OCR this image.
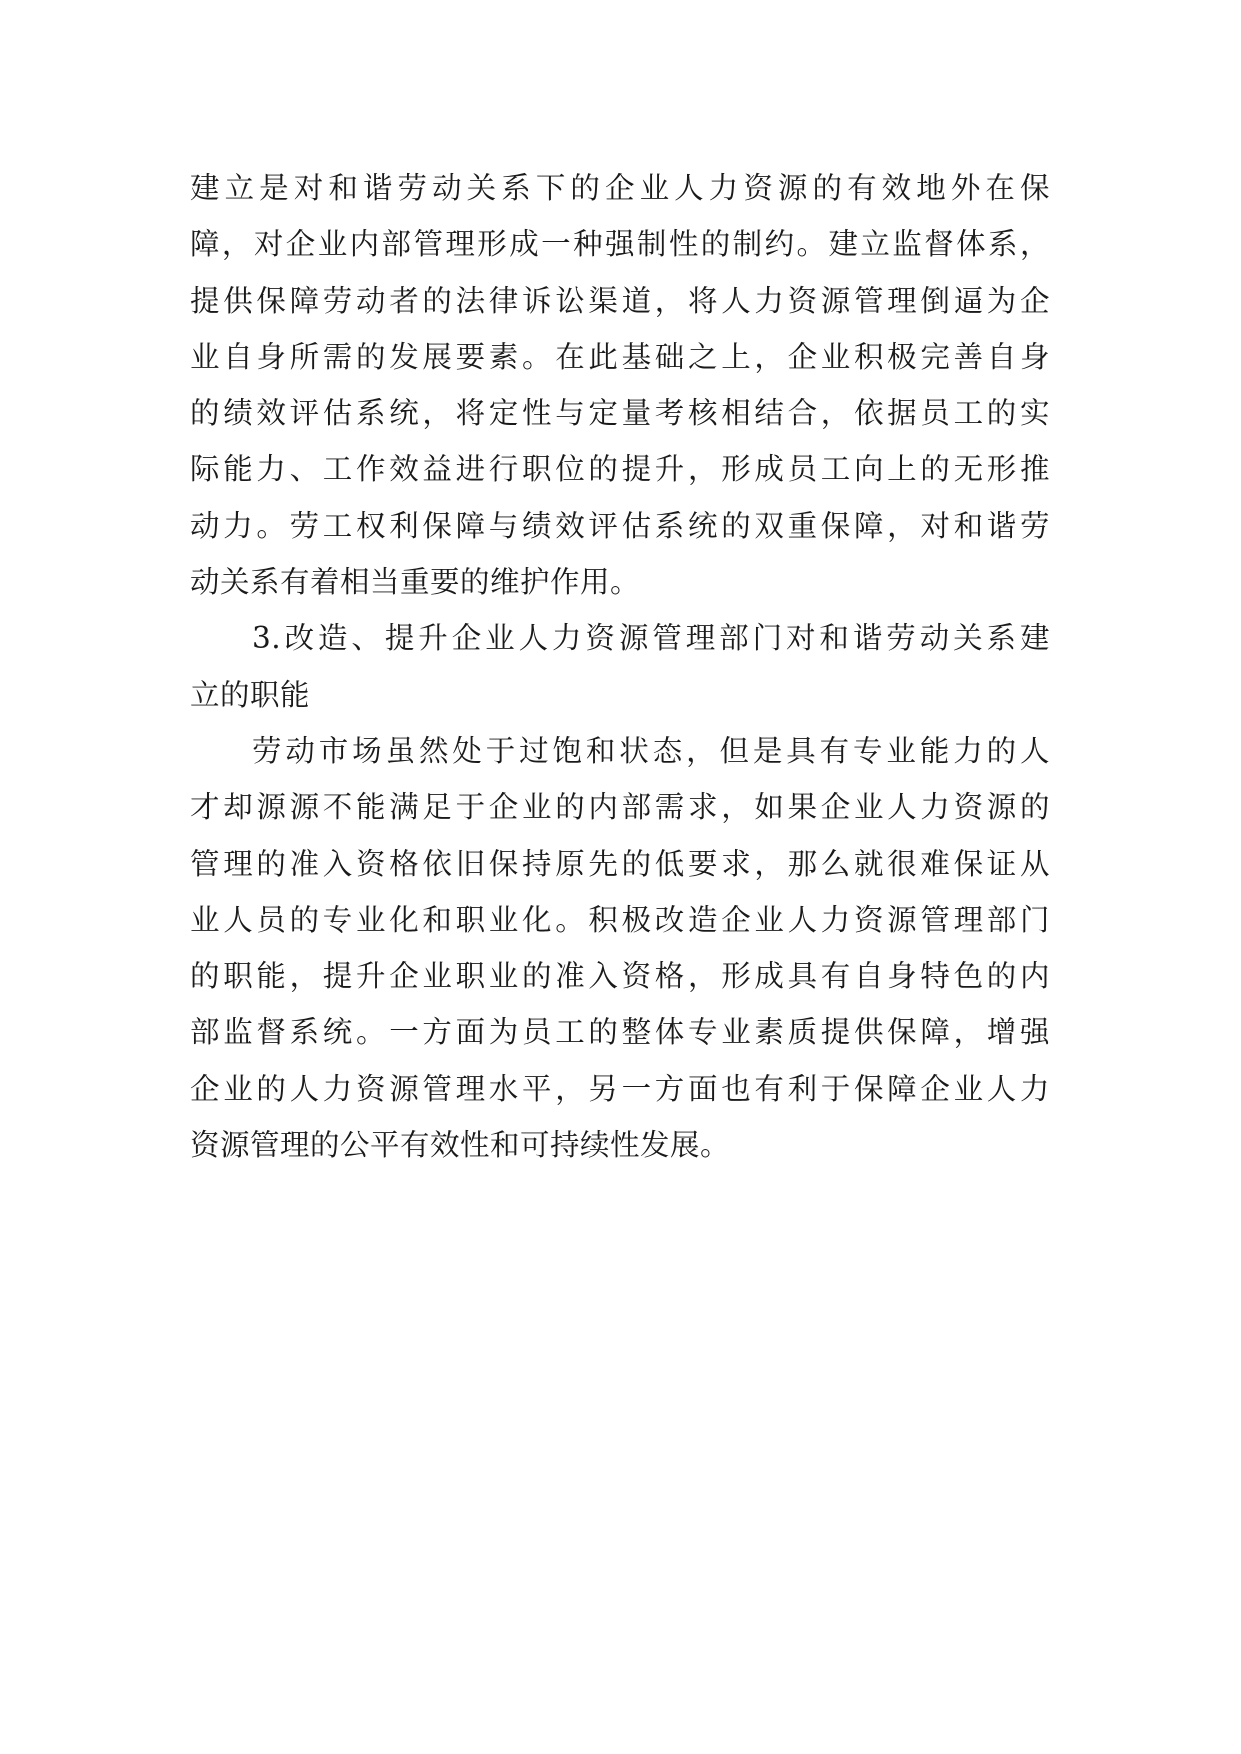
建立是对和谐劳动关系下的企业人力资源的有效地外在保
障，对企业内部管理形成一种强制性的制约。建立监督体系，
提供保障劳动者的法律诉讼渠道，将人力资源管理倒逼为企
业自身所需的发展要素。在此基础之上，企业积极完善自身
的绩效评估系统，将定性与定量考核相结合，依据员工的实
际能力、工作效益进行职位的提升，形成员工向上的无形推
动力。劳工权利保障与绩效评估系统的双重保障，对和谐劳
动关系有着相当重要的维护作用。
3.改造、提升企业人力资源管理部门对和谐劳动关系建
立的职能
劳动市场虽然处于过饱和状态，但是具有专业能力的人
才却源源不能满足于企业的内部需求，如果企业人力资源的
管理的准入资格依旧保持原先的低要求，那么就很难保证从
业人员的专业化和职业化。积极改造企业人力资源管理部门
的职能，提升企业职业的准入资格，形成具有自身特色的内
部监督系统。一方面为员工的整体专业素质提供保障，增强
企业的人力资源管理水平，另一方面也有利于保障企业人力
资源管理的公平有效性和可持续性发展。
